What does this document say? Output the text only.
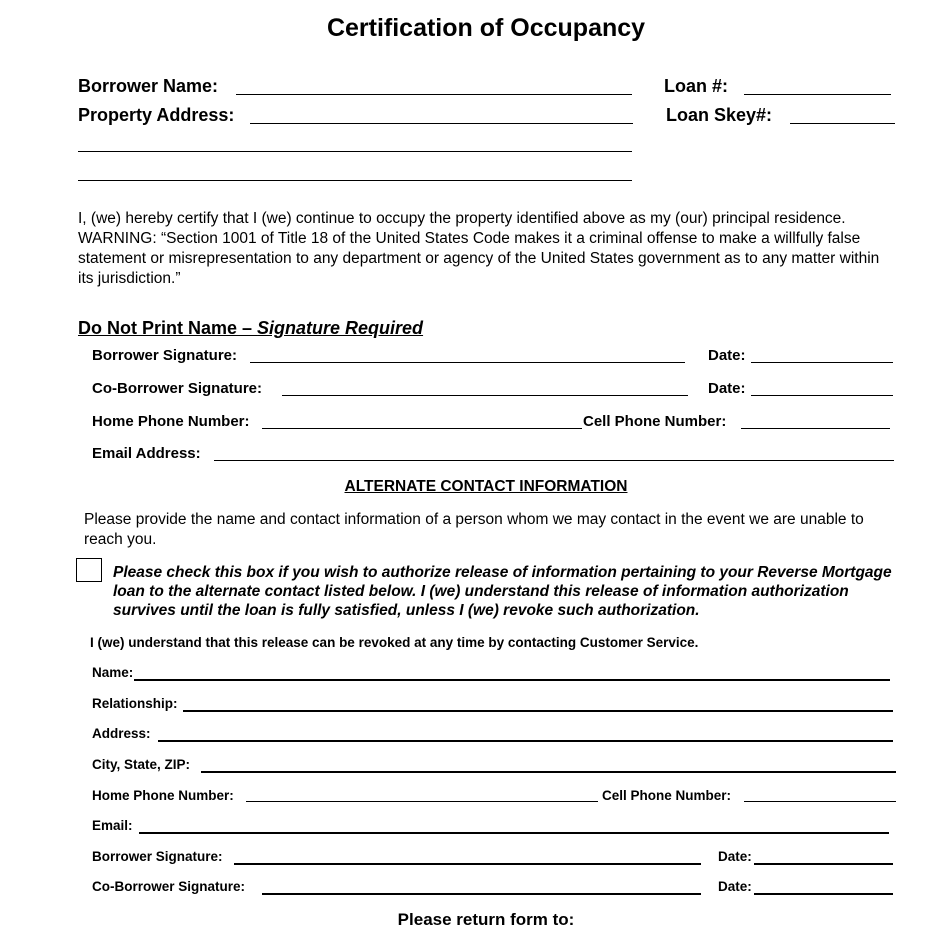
Certification of Occupancy
Borrower Name:	Loan #:
Property Address:	Loan Skey#:
I, (we) hereby certify that I (we) continue to occupy the property identified above as my (our) principal residence. WARNING: “Section 1001 of Title 18 of the United States Code makes it a criminal offense to make a willfully false statement or misrepresentation to any department or agency of the United States government as to any matter within its jurisdiction.”
Do Not Print Name – Signature Required
Borrower Signature:	Date:
Co-Borrower Signature:	Date:
Home Phone Number:	Cell Phone Number:
Email Address:
ALTERNATE CONTACT INFORMATION
Please provide the name and contact information of a person whom we may contact in the event we are unable to reach you.
Please check this box if you wish to authorize release of information pertaining to your Reverse Mortgage loan to the alternate contact listed below. I (we) understand this release of information authorization survives until the loan is fully satisfied, unless I (we) revoke such authorization.
I (we) understand that this release can be revoked at any time by contacting Customer Service.
Name:
Relationship:
Address:
City, State, ZIP:
Home Phone Number:	Cell Phone Number:
Email:
Borrower Signature:	Date:
Co-Borrower Signature:	Date:
Please return form to:
